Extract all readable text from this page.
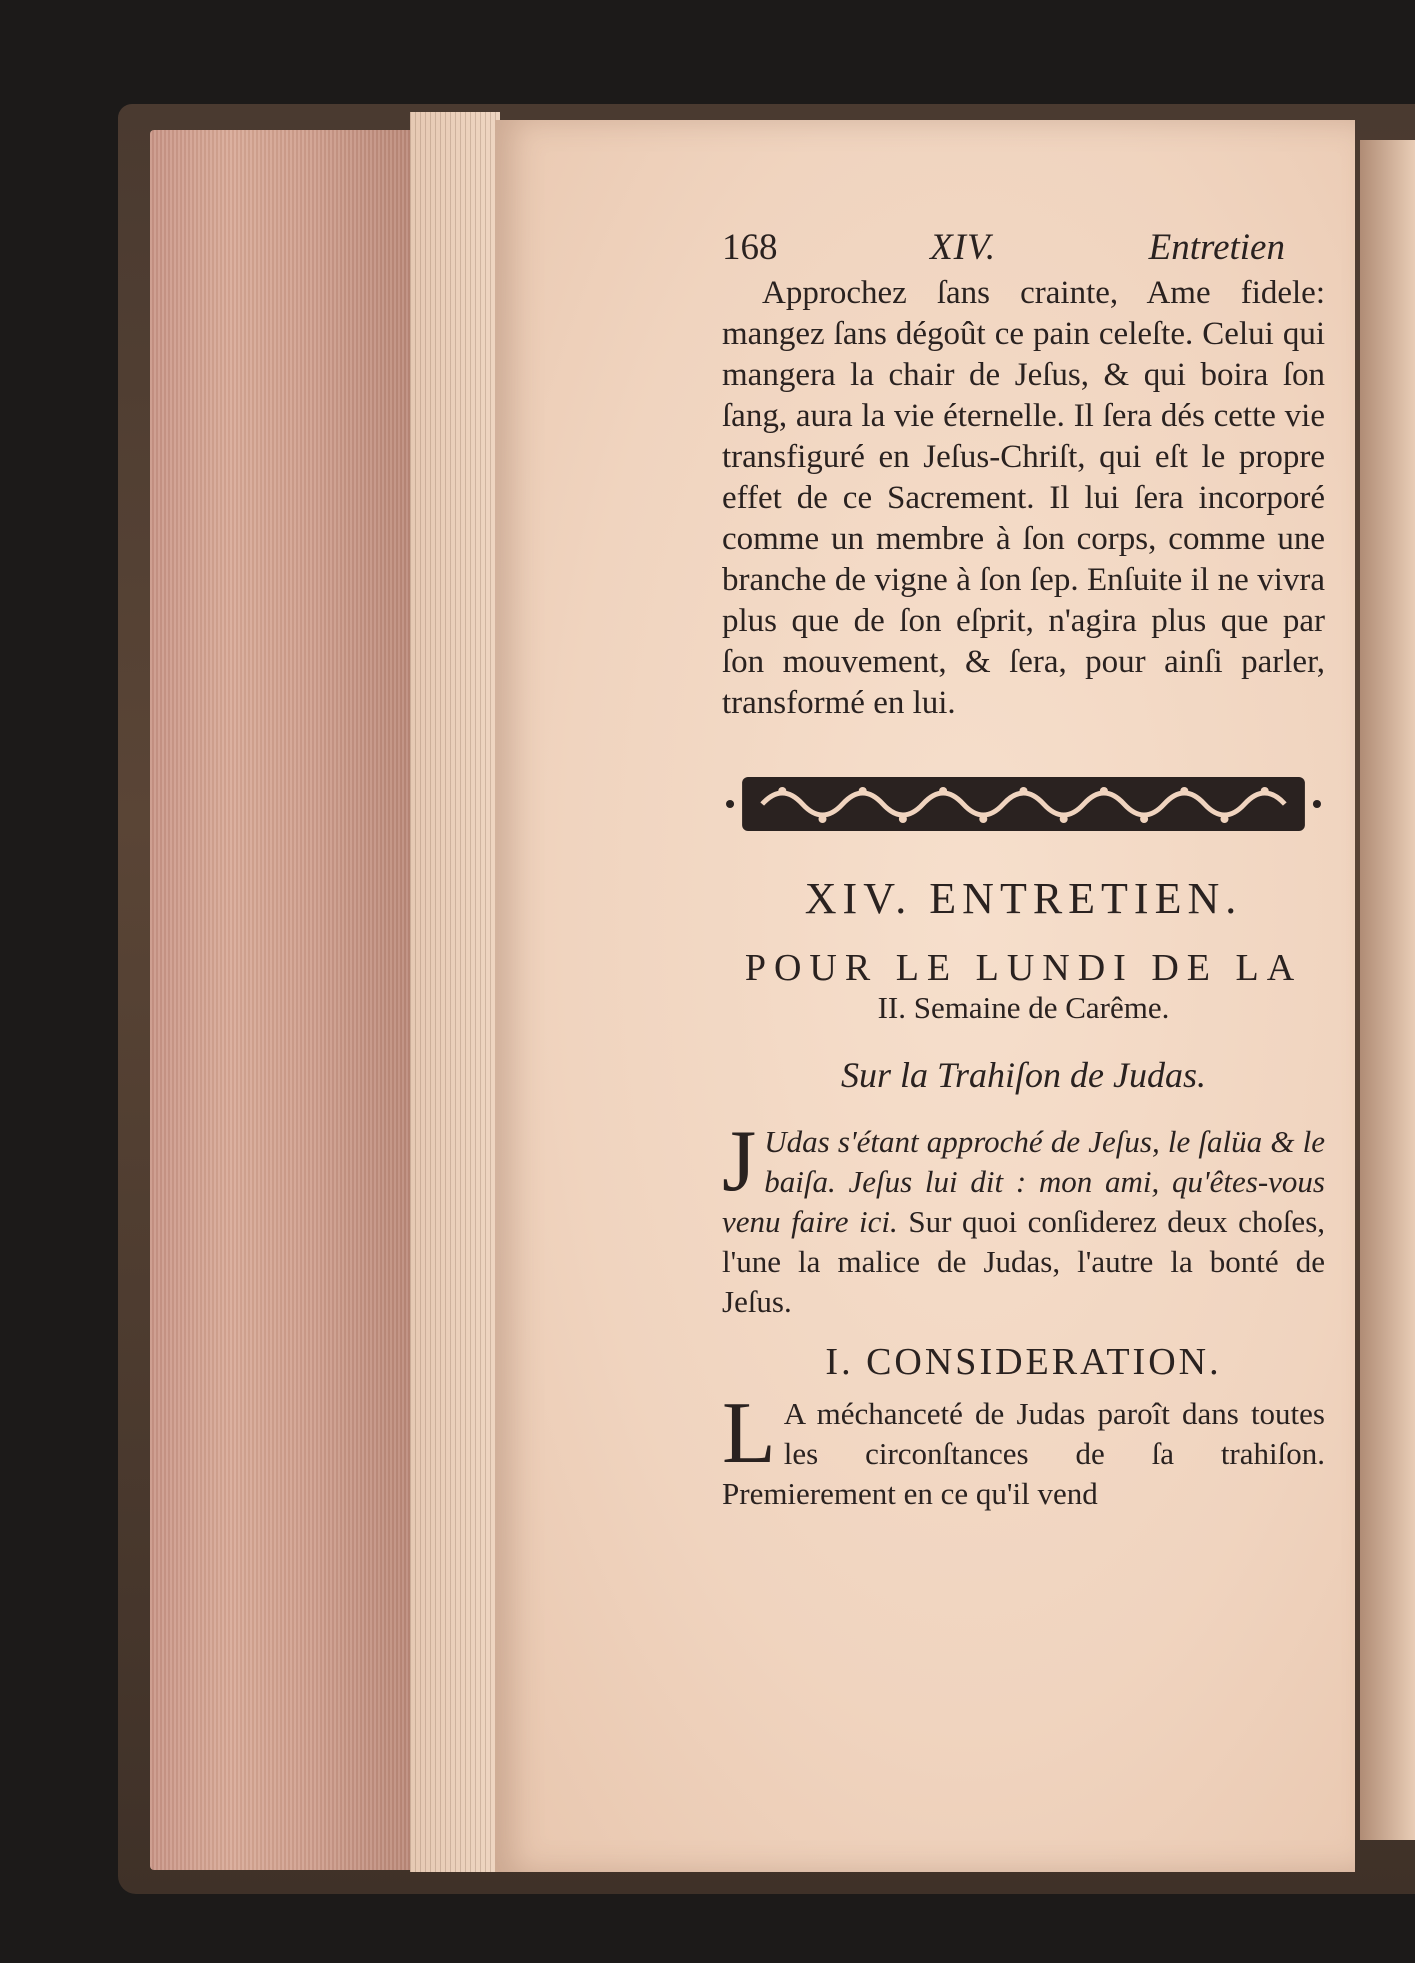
168	XIV.	Entretien

Approchez ſans crainte, Ame fidele: mangez ſans dégoût ce pain celeſte. Celui qui mangera la chair de Jeſus, & qui boira ſon ſang, aura la vie éternelle. Il ſera dés cette vie transfiguré en Jeſus-Chriſt, qui eſt le propre effet de ce Sacrement. Il lui ſera incorporé comme un membre à ſon corps, comme une branche de vigne à ſon ſep. Enſuite il ne vivra plus que de ſon eſprit, n'agira plus que par ſon mouvement, & ſera, pour ainſi parler, transformé en lui.

XIV. ENTRETIEN.
POUR LE LUNDI DE LA
II. Semaine de Carême.
Sur la Trahiſon de Judas.

J Udas s'étant approché de Jeſus, le ſalüa & le baiſa. Jeſus lui dit : mon ami, qu'êtes-vous venu faire ici. Sur quoi conſiderez deux choſes, l'une la malice de Judas, l'autre la bonté de Jeſus.

I. CONSIDERATION.

L A méchanceté de Judas paroît dans toutes les circonſtances de ſa trahiſon. Premierement en ce qu'il vend
